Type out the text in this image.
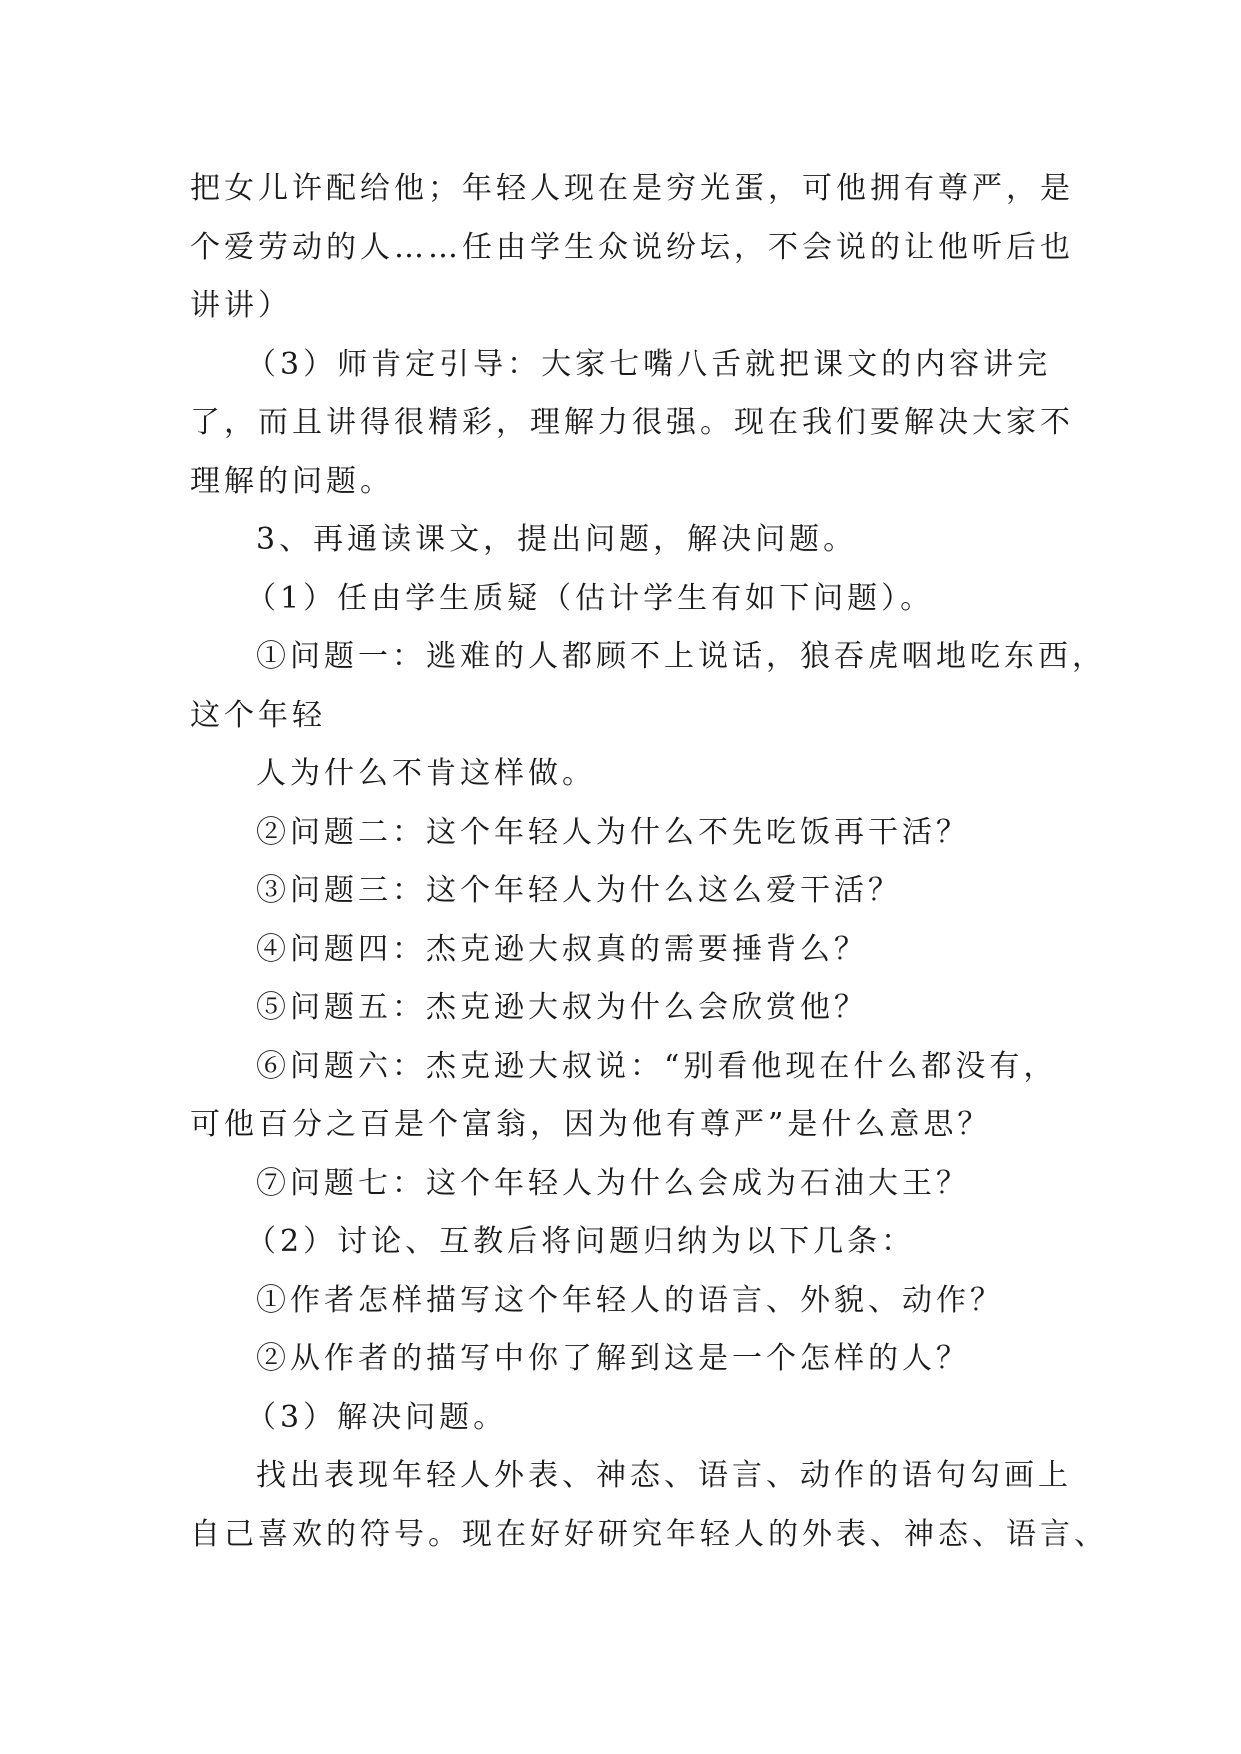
把女儿许配给他；年轻人现在是穷光蛋，可他拥有尊严，是
个爱劳动的人……任由学生众说纷坛，不会说的让他听后也
讲讲）
（3）师肯定引导：大家七嘴八舌就把课文的内容讲完
了，而且讲得很精彩，理解力很强。现在我们要解决大家不
理解的问题。
3、再通读课文，提出问题，解决问题。
（1）任由学生质疑（估计学生有如下问题）。
①问题一：逃难的人都顾不上说话，狼吞虎咽地吃东西，
这个年轻
人为什么不肯这样做。
②问题二：这个年轻人为什么不先吃饭再干活？
③问题三：这个年轻人为什么这么爱干活？
④问题四：杰克逊大叔真的需要捶背么？
⑤问题五：杰克逊大叔为什么会欣赏他？
⑥问题六：杰克逊大叔说：“别看他现在什么都没有，
可他百分之百是个富翁，因为他有尊严”是什么意思？
⑦问题七：这个年轻人为什么会成为石油大王？
（2）讨论、互教后将问题归纳为以下几条：
①作者怎样描写这个年轻人的语言、外貌、动作？
②从作者的描写中你了解到这是一个怎样的人？
（3）解决问题。
找出表现年轻人外表、神态、语言、动作的语句勾画上
自己喜欢的符号。现在好好研究年轻人的外表、神态、语言、
